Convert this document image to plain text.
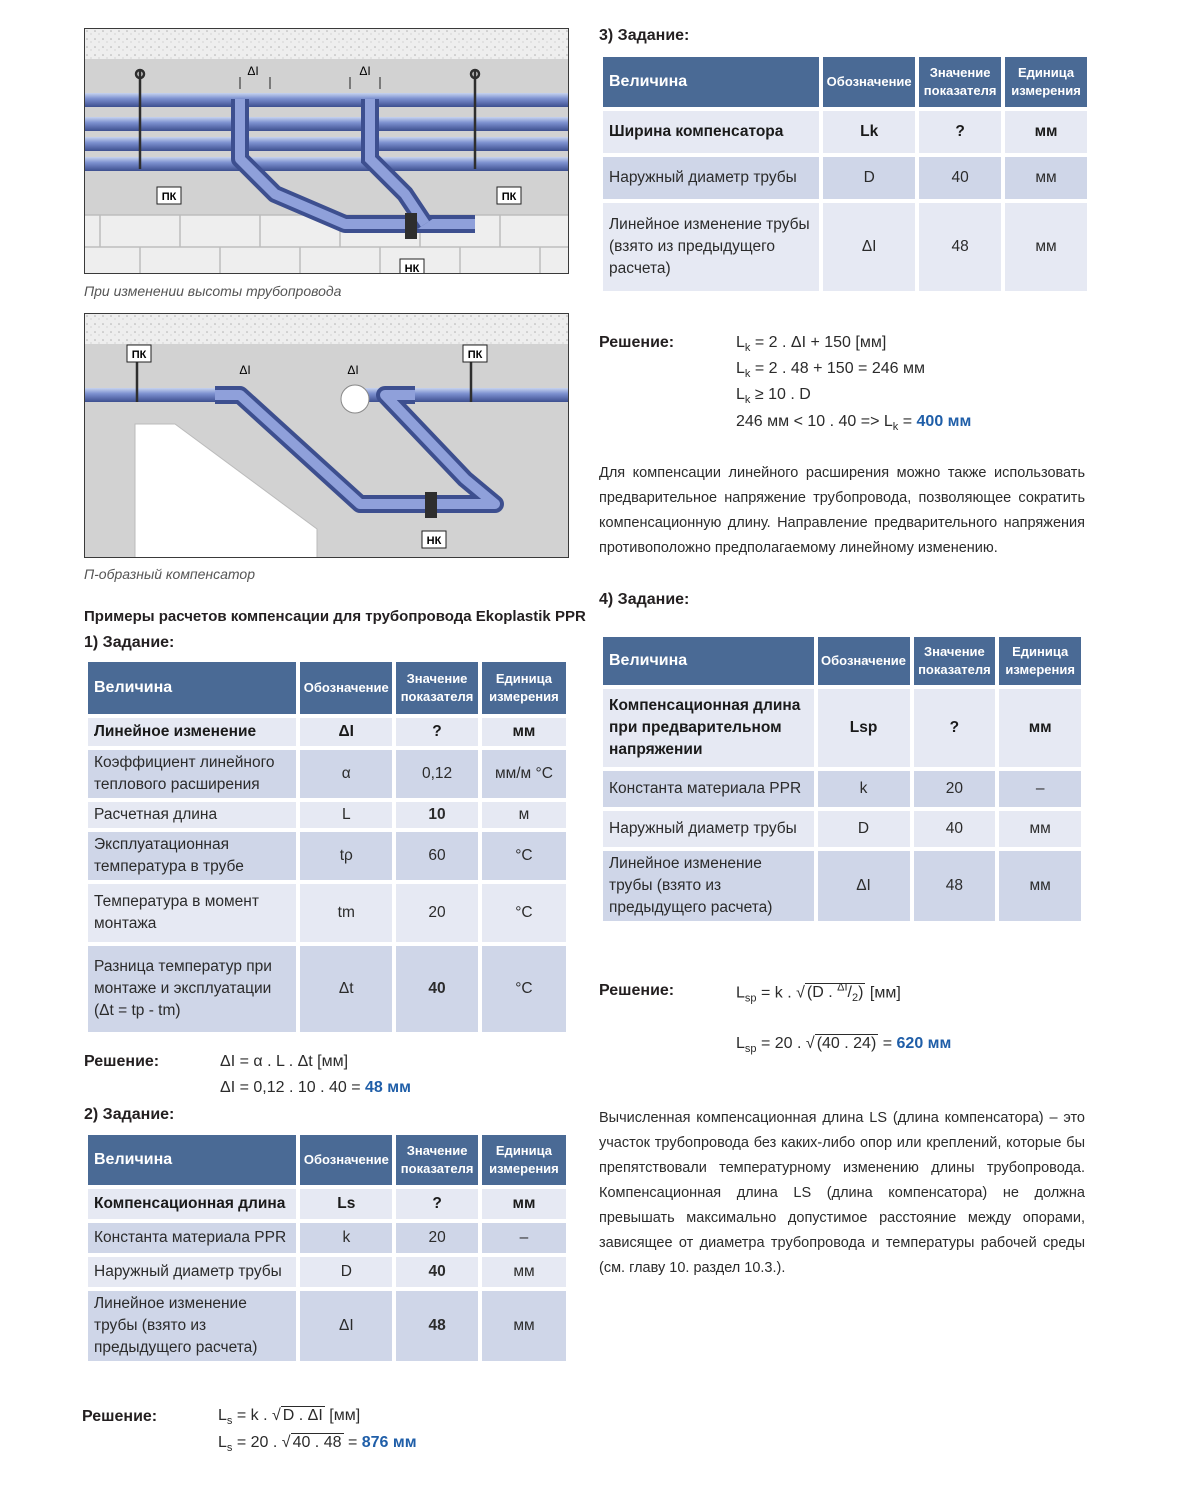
ΔI	ΔI
ПК	ПК
НК
При изменении высоты трубопровода
ПК	ПК
ΔI	ΔI
НК
П-образный компенсатор
Примеры расчетов компенсации для трубопровода Ekoplastik PPR
1) Задание:
Величина	Обозначение	Значение показателя	Единица измерения
Линейное изменение	ΔI	?	мм
Коэффициент линейного теплового расширения	α	0,12	мм/м °C
Расчетная длина	L	10	м
Эксплуатационная температура в трубе	tρ	60	°C
Температура в момент монтажа	tm	20	°C
Разница температур при монтаже и эксплуатации (Δt = tp - tm)	Δt	40	°C
Решение:	ΔI = α . L . Δt [мм]
ΔI = 0,12 . 10 . 40 = 48 мм
2) Задание:
Величина	Обозначение	Значение показателя	Единица измерения
Компенсационная длина	Ls	?	мм
Константа материала PPR	k	20	–
Наружный диаметр трубы	D	40	мм
Линейное изменение трубы (взято из предыдущего расчета)	ΔI	48	мм
Решение:	$L_s = k$ . √ D . ΔI [мм]
$L_s = 20$ . √ 40 . 48 = 876 мм
3) Задание:
Величина	Обозначение	Значение показателя	Единица измерения
Ширина компенсатора	Lk	?	мм
Наружный диаметр трубы	D	40	мм
Линейное изменение трубы (взято из предыдущего расчета)	ΔI	48	мм
Решение:	$L_k = 2$ . ΔI + 150 [мм]
$L_k = 2$ . 48 + 150 = 246 мм
$L_k \ge 10$ . D
246 мм < 10 . $40 => L_k = 400$ мм
Для компенсации линейного расширения можно также использовать предварительное напряжение трубопровода, позволяющее сократить компенсационную длину. Направление предварительного напряжения противоположно предполагаемому линейному изменению.
4) Задание:
Величина	Обозначение	Значение показателя	Единица измерения
Компенсационная длина при предварительном напряжении	Lsp	?	мм
Константа материала PPR	k	20	–
Наружный диаметр трубы	D	40	мм
Линейное изменение трубы (взято из предыдущего расчета)	ΔI	48	мм
Решение:	$L_{sp} = k$ . √ (D . $^{\Delta I}/_2$) [мм]
$L_{sp} = 20$ . √ (40 . 24) = 620 мм
Вычисленная компенсационная длина LS (длина компенсатора) – это участок трубопровода без каких-либо опор или креплений, которые бы препятствовали температурному изменению длины трубопровода. Компенсационная длина LS (длина компенсатора) не должна превышать максимально допустимое расстояние между опорами, зависящее от диаметра трубопровода и температуры рабочей среды (см. главу 10. раздел 10.3.).
